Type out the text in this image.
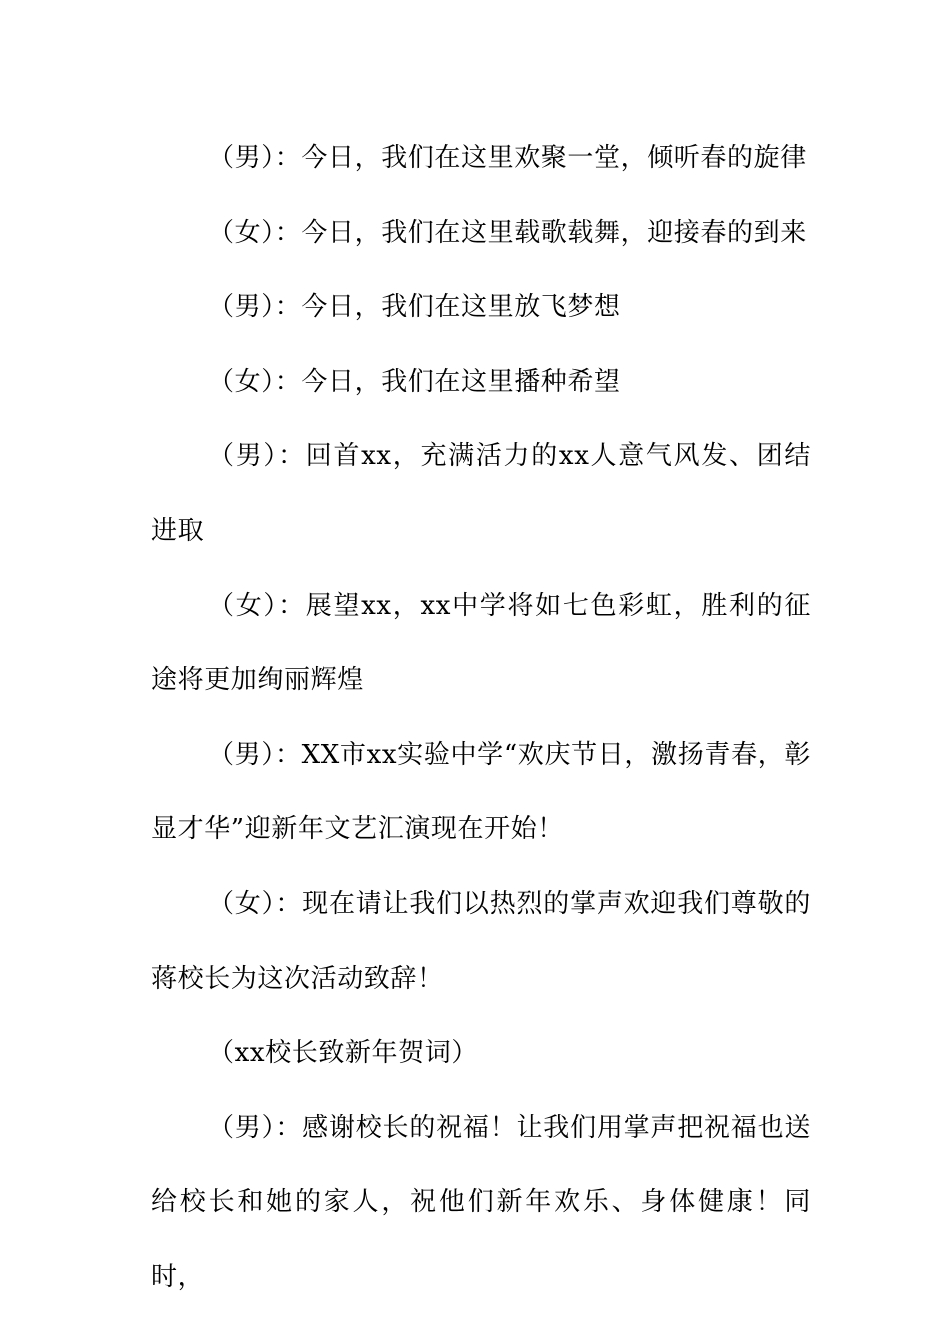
（男）：今日，我们在这里欢聚一堂，倾听春的旋律

（女）：今日，我们在这里载歌载舞，迎接春的到来

（男）：今日，我们在这里放飞梦想

（女）：今日，我们在这里播种希望

（男）：回首xx，充满活力的xx人意气风发、团结进取

（女）：展望xx，xx中学将如七色彩虹，胜利的征途将更加绚丽辉煌

（男）：XX市xx实验中学“欢庆节日，激扬青春，彰显才华”迎新年文艺汇演现在开始！

（女）：现在请让我们以热烈的掌声欢迎我们尊敬的蒋校长为这次活动致辞！

（xx校长致新年贺词）

（男）：感谢校长的祝福！让我们用掌声把祝福也送给校长和她的家人，祝他们新年欢乐、身体健康！同时，
